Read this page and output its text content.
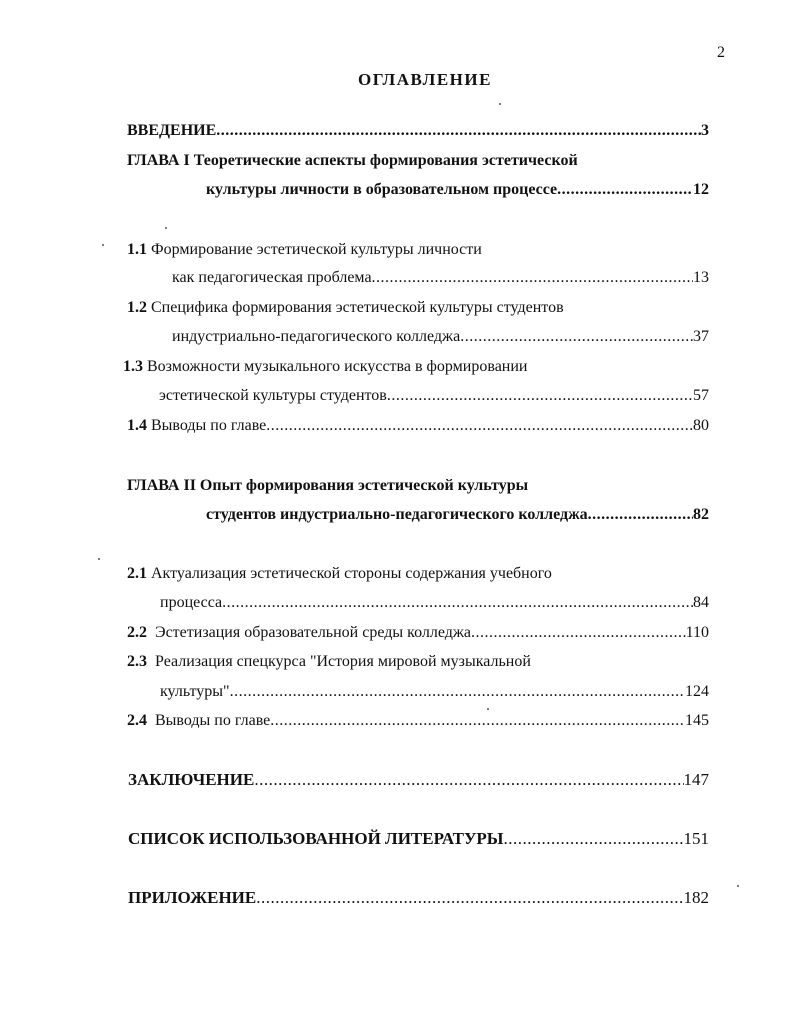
2
ОГЛАВЛЕНИЕ
ВВЕДЕНИЕ .....	3
ГЛАВА I Теоретические аспекты формирования эстетической
культуры личности в образовательном процессе .....	12
1.1 Формирование эстетической культуры личности
как педагогическая проблема .....	13
1.2 Специфика формирования эстетической культуры студентов
индустриально-педагогического колледжа .....	37
1.3 Возможности музыкального искусства в формировании
эстетической культуры студентов .....	57
1.4 Выводы по главе .....	80
ГЛАВА II Опыт формирования эстетической культуры
студентов индустриально-педагогического колледжа .....	82
2.1 Актуализация эстетической стороны содержания учебного
процесса .....	84
2.2 Эстетизация образовательной среды колледжа .....	110
2.3 Реализация спецкурса "История мировой музыкальной
культуры" .....	124
2.4 Выводы по главе .....	145
ЗАКЛЮЧЕНИЕ .....	147
СПИСОК ИСПОЛЬЗОВАННОЙ ЛИТЕРАТУРЫ .....	151
ПРИЛОЖЕНИЕ .....	182
